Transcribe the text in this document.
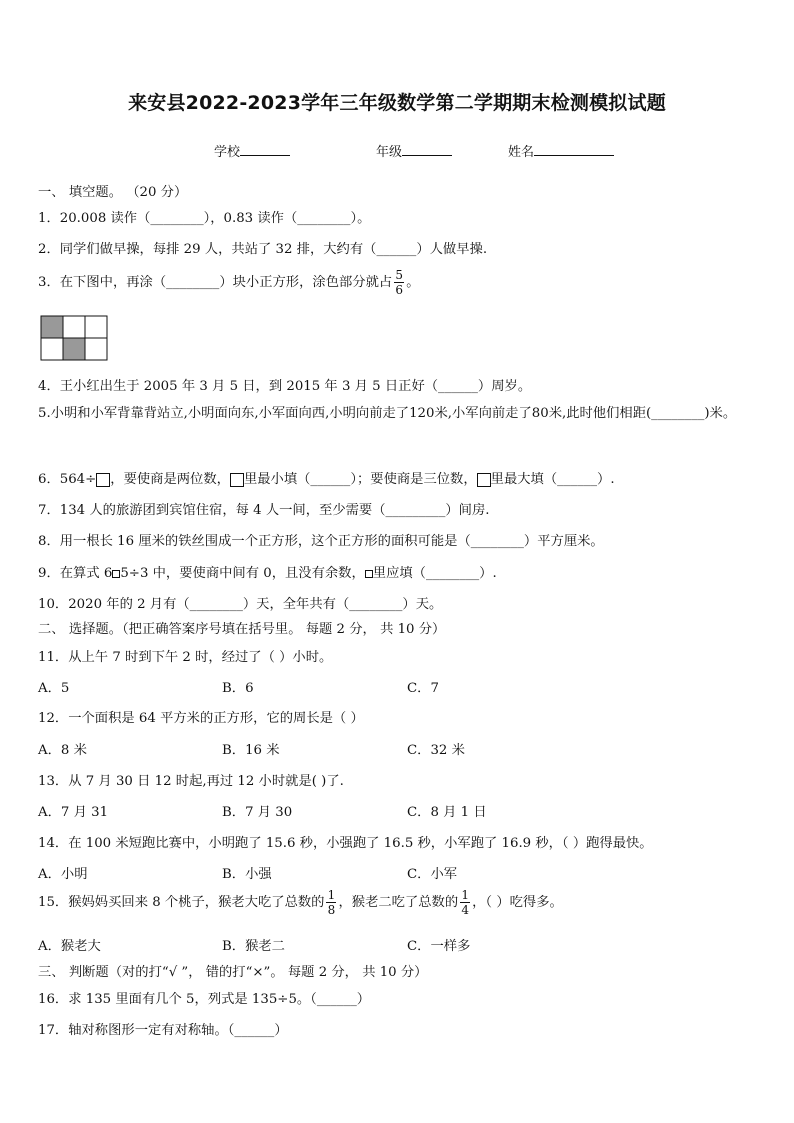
来安县2022-2023学年三年级数学第二学期期末检测模拟试题
学校	年级	姓名
一、 填空题。 （20 分）
1．20.008 读作（________），0.83 读作（________）。
2．同学们做早操，每排 29 人，共站了 32 排，大约有（______）人做早操.
3．在下图中，再涂（________）块小正方形，涂色部分就占 $\frac{5}{6}$ 。
4．王小红出生于 2005 年 3 月 5 日，到 2015 年 3 月 5 日正好（______）周岁。
5.小明和小军背靠背站立,小明面向东,小军面向西,小明向前走了120米,小军向前走了80米,此时他们相距(________)米。
6．564÷ ，要使商是两位数， 里最小填（______）；要使商是三位数， 里最大填（______）.
7．134 人的旅游团到宾馆住宿，每 4 人一间，至少需要（_________）间房.
8．用一根长 16 厘米的铁丝围成一个正方形，这个正方形的面积可能是（________）平方厘米。
9．在算式 6 5÷3 中，要使商中间有 0，且没有余数， 里应填（________）.
10．2020 年的 2 月有（________）天，全年共有（________）天。
二、 选择题。（把正确答案序号填在括号里。 每题 2 分， 共 10 分）
11．从上午 7 时到下午 2 时，经过了（ ）小时。
A．5	B．6	C．7
12．一个面积是 64 平方米的正方形，它的周长是（ ）
A．8 米	B．16 米	C．32 米
13．从 7 月 30 日 12 时起,再过 12 小时就是( )了.
A．7 月 31	B．7 月 30	C．8 月 1 日
14．在 100 米短跑比赛中，小明跑了 15.6 秒，小强跑了 16.5 秒，小军跑了 16.9 秒，（ ）跑得最快。
A．小明	B．小强	C．小军
15．猴妈妈买回来 8 个桃子，猴老大吃了总数的 $\frac{1}{8}$ ，猴老二吃了总数的 $\frac{1}{4}$ ，（ ）吃得多。
A．猴老大	B．猴老二	C．一样多
三、 判断题（对的打“√ ”， 错的打“×”。 每题 2 分， 共 10 分）
16．求 135 里面有几个 5，列式是 135÷5。（______）
17．轴对称图形一定有对称轴。（______）
